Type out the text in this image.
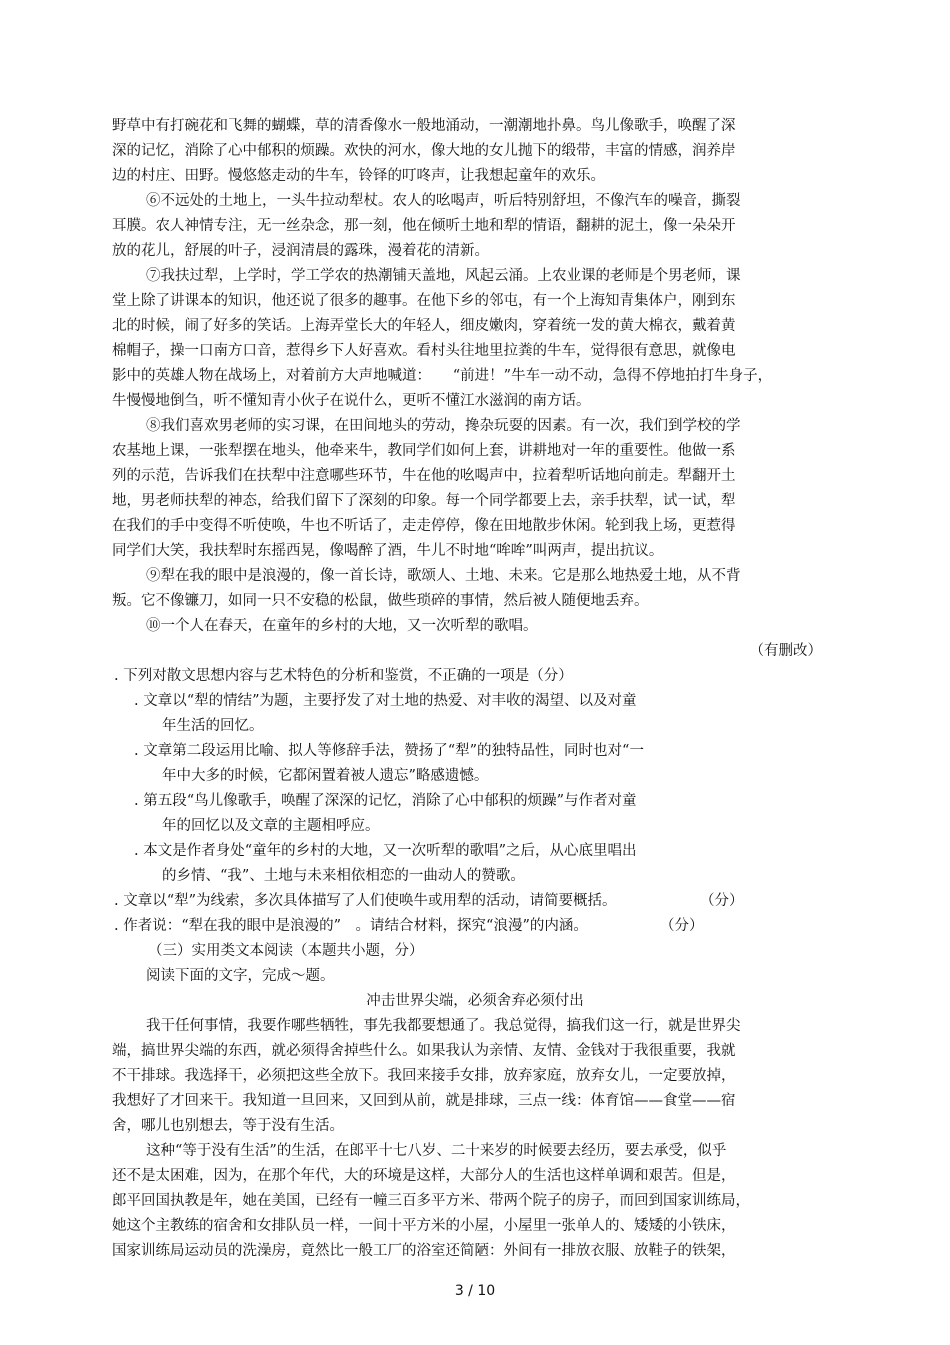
野草中有打碗花和飞舞的蝴蝶，草的清香像水一般地涌动，一潮潮地扑鼻。鸟儿像歌手，唤醒了深
深的记忆，消除了心中郁积的烦躁。欢快的河水，像大地的女儿抛下的缎带，丰富的情感，润养岸
边的村庄、田野。慢悠悠走动的牛车，铃铎的叮咚声，让我想起童年的欢乐。
⑥不远处的土地上，一头牛拉动犁杖。农人的吆喝声，听后特别舒坦，不像汽车的噪音，撕裂
耳膜。农人神情专注，无一丝杂念，那一刻，他在倾听土地和犁的情语，翻耕的泥土，像一朵朵开
放的花儿，舒展的叶子，浸润清晨的露珠，漫着花的清新。
⑦我扶过犁，上学时，学工学农的热潮铺天盖地，风起云涌。上农业课的老师是个男老师，课
堂上除了讲课本的知识，他还说了很多的趣事。在他下乡的邻屯，有一个上海知青集体户，刚到东
北的时候，闹了好多的笑话。上海弄堂长大的年轻人，细皮嫩肉，穿着统一发的黄大棉衣，戴着黄
棉帽子，操一口南方口音，惹得乡下人好喜欢。看村头往地里拉粪的牛车，觉得很有意思，就像电
影中的英雄人物在战场上，对着前方大声地喊道：　　“前进！”牛车一动不动，急得不停地拍打牛身子，
牛慢慢地倒刍，听不懂知青小伙子在说什么，更听不懂江水滋润的南方话。
⑧我们喜欢男老师的实习课，在田间地头的劳动，搀杂玩耍的因素。有一次，我们到学校的学
农基地上课，一张犁摆在地头，他牵来牛，教同学们如何上套，讲耕地对一年的重要性。他做一系
列的示范，告诉我们在扶犁中注意哪些环节，牛在他的吆喝声中，拉着犁听话地向前走。犁翻开土
地，男老师扶犁的神态，给我们留下了深刻的印象。每一个同学都要上去，亲手扶犁，试一试，犁
在我们的手中变得不听使唤，牛也不听话了，走走停停，像在田地散步休闲。轮到我上场，更惹得
同学们大笑，我扶犁时东摇西晃，像喝醉了酒，牛儿不时地“哞哞”叫两声，提出抗议。
⑨犁在我的眼中是浪漫的，像一首长诗，歌颂人、土地、未来。它是那么地热爱土地，从不背
叛。它不像镰刀，如同一只不安稳的松鼠，做些琐碎的事情，然后被人随便地丢弃。
⑩一个人在春天，在童年的乡村的大地，又一次听犁的歌唱。
（有删改）
. 下列对散文思想内容与艺术特色的分析和鉴赏，不正确的一项是（分）
. 文章以“犁的情结”为题，主要抒发了对土地的热爱、对丰收的渴望、以及对童
年生活的回忆。
. 文章第二段运用比喻、拟人等修辞手法，赞扬了“犁”的独特品性，同时也对“一
年中大多的时候，它都闲置着被人遗忘”略感遗憾。
. 第五段“鸟儿像歌手，唤醒了深深的记忆，消除了心中郁积的烦躁”与作者对童
年的回忆以及文章的主题相呼应。
. 本文是作者身处“童年的乡村的大地，又一次听犁的歌唱”之后，从心底里唱出
的乡情、“我”、土地与未来相依相恋的一曲动人的赞歌。
. 文章以“犁”为线索，多次具体描写了人们使唤牛或用犁的活动，请简要概括。	（分）
. 作者说：“犁在我的眼中是浪漫的”　。请结合材料，探究“浪漫”的内涵。	（分）
（三）实用类文本阅读（本题共小题，分）
阅读下面的文字，完成～题。
冲击世界尖端，必须舍弃必须付出
我干任何事情，我要作哪些牺牲，事先我都要想通了。我总觉得，搞我们这一行，就是世界尖
端，搞世界尖端的东西，就必须得舍掉些什么。如果我认为亲情、友情、金钱对于我很重要，我就
不干排球。我选择干，必须把这些全放下。我回来接手女排，放弃家庭，放弃女儿，一定要放掉，
我想好了才回来干。我知道一旦回来，又回到从前，就是排球，三点一线：体育馆——食堂——宿
舍，哪儿也别想去，等于没有生活。
这种“等于没有生活”的生活，在郎平十七八岁、二十来岁的时候要去经历，要去承受，似乎
还不是太困难，因为，在那个年代，大的环境是这样，大部分人的生活也这样单调和艰苦。但是，
郎平回国执教是年，她在美国，已经有一幢三百多平方米、带两个院子的房子，而回到国家训练局，
她这个主教练的宿舍和女排队员一样，一间十平方米的小屋，小屋里一张单人的、矮矮的小铁床，
国家训练局运动员的洗澡房，竟然比一般工厂的浴室还简陋：外间有一排放衣服、放鞋子的铁架，
3 / 10
